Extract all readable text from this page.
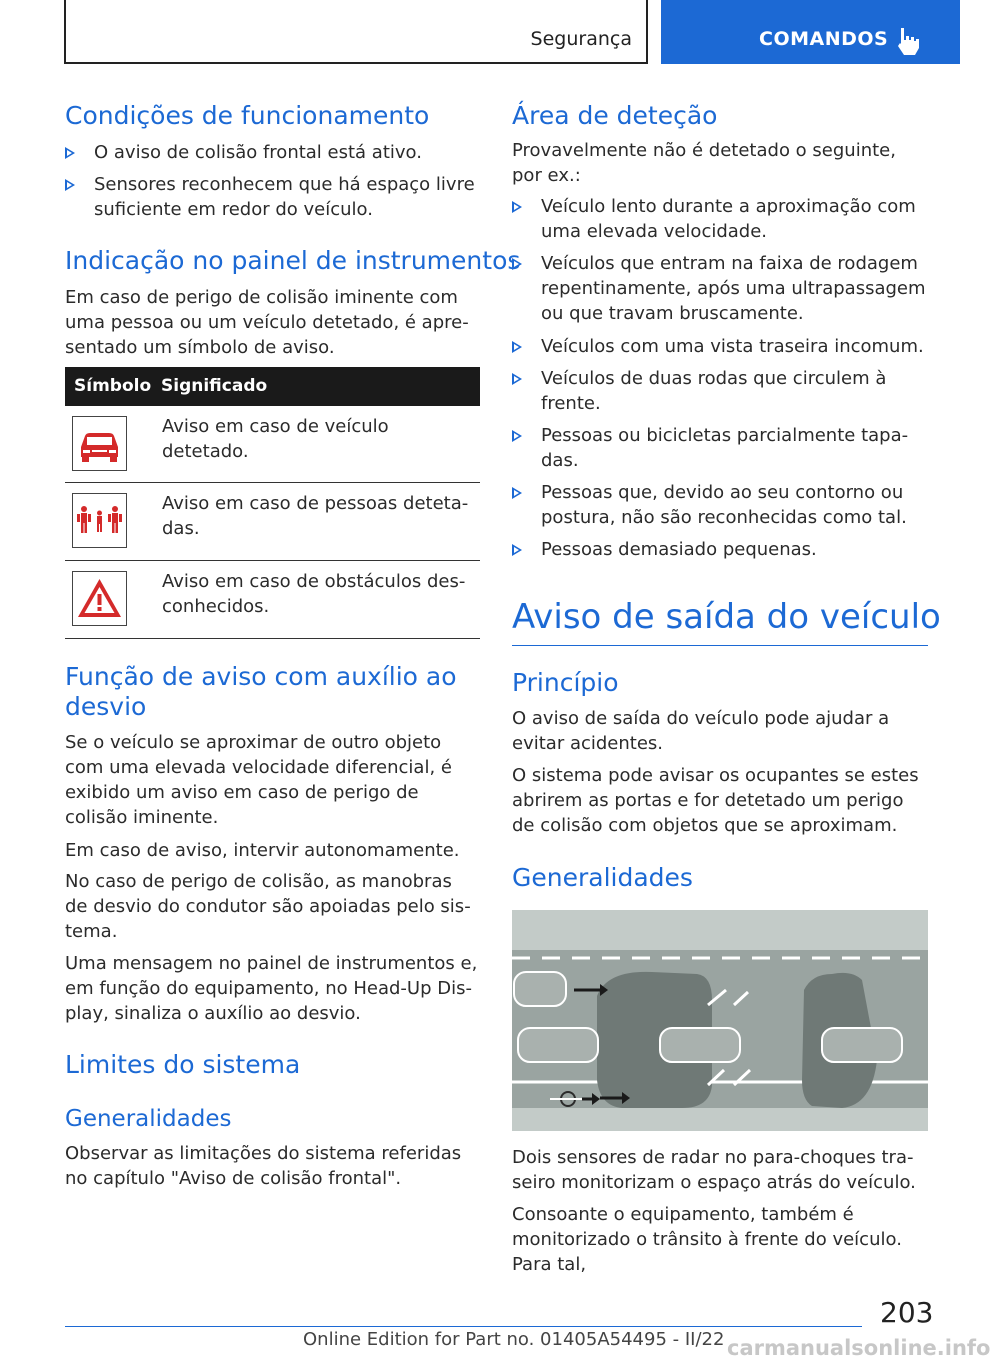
Segurança	COMANDOS
Condições de funcionamento
O aviso de colisão frontal está ativo.
Sensores reconhecem que há espaço livre suficiente em redor do veículo.
Indicação no painel de instrumentos
Em caso de perigo de colisão iminente com uma pessoa ou um veículo detetado, é apresentado um símbolo de aviso.
Símbolo Significado
Aviso em caso de veículo detetado.
Aviso em caso de pessoas detetadas.
Aviso em caso de obstáculos desconhecidos.
Função de aviso com auxílio ao desvio
Se o veículo se aproximar de outro objeto com uma elevada velocidade diferencial, é exibido um aviso em caso de perigo de colisão iminente.
Em caso de aviso, intervir autonomamente.
No caso de perigo de colisão, as manobras de desvio do condutor são apoiadas pelo sistema.
Uma mensagem no painel de instrumentos e, em função do equipamento, no Head-Up Display, sinaliza o auxílio ao desvio.
Limites do sistema
Generalidades
Observar as limitações do sistema referidas no capítulo "Aviso de colisão frontal".
Área de deteção
Provavelmente não é detetado o seguinte, por ex.:
Veículo lento durante a aproximação com uma elevada velocidade.
Veículos que entram na faixa de rodagem repentinamente, após uma ultrapassagem ou que travam bruscamente.
Veículos com uma vista traseira incomum.
Veículos de duas rodas que circulem à frente.
Pessoas ou bicicletas parcialmente tapadas.
Pessoas que, devido ao seu contorno ou postura, não são reconhecidas como tal.
Pessoas demasiado pequenas.
Aviso de saída do veículo
Princípio
O aviso de saída do veículo pode ajudar a evitar acidentes.
O sistema pode avisar os ocupantes se estes abrirem as portas e for detetado um perigo de colisão com objetos que se aproximam.
Generalidades
Dois sensores de radar no para-choques traseiro monitorizam o espaço atrás do veículo.
Consoante o equipamento, também é monitorizado o trânsito à frente do veículo. Para tal,
203
Online Edition for Part no. 01405A54495 - II/22 carmanualsonline.info
